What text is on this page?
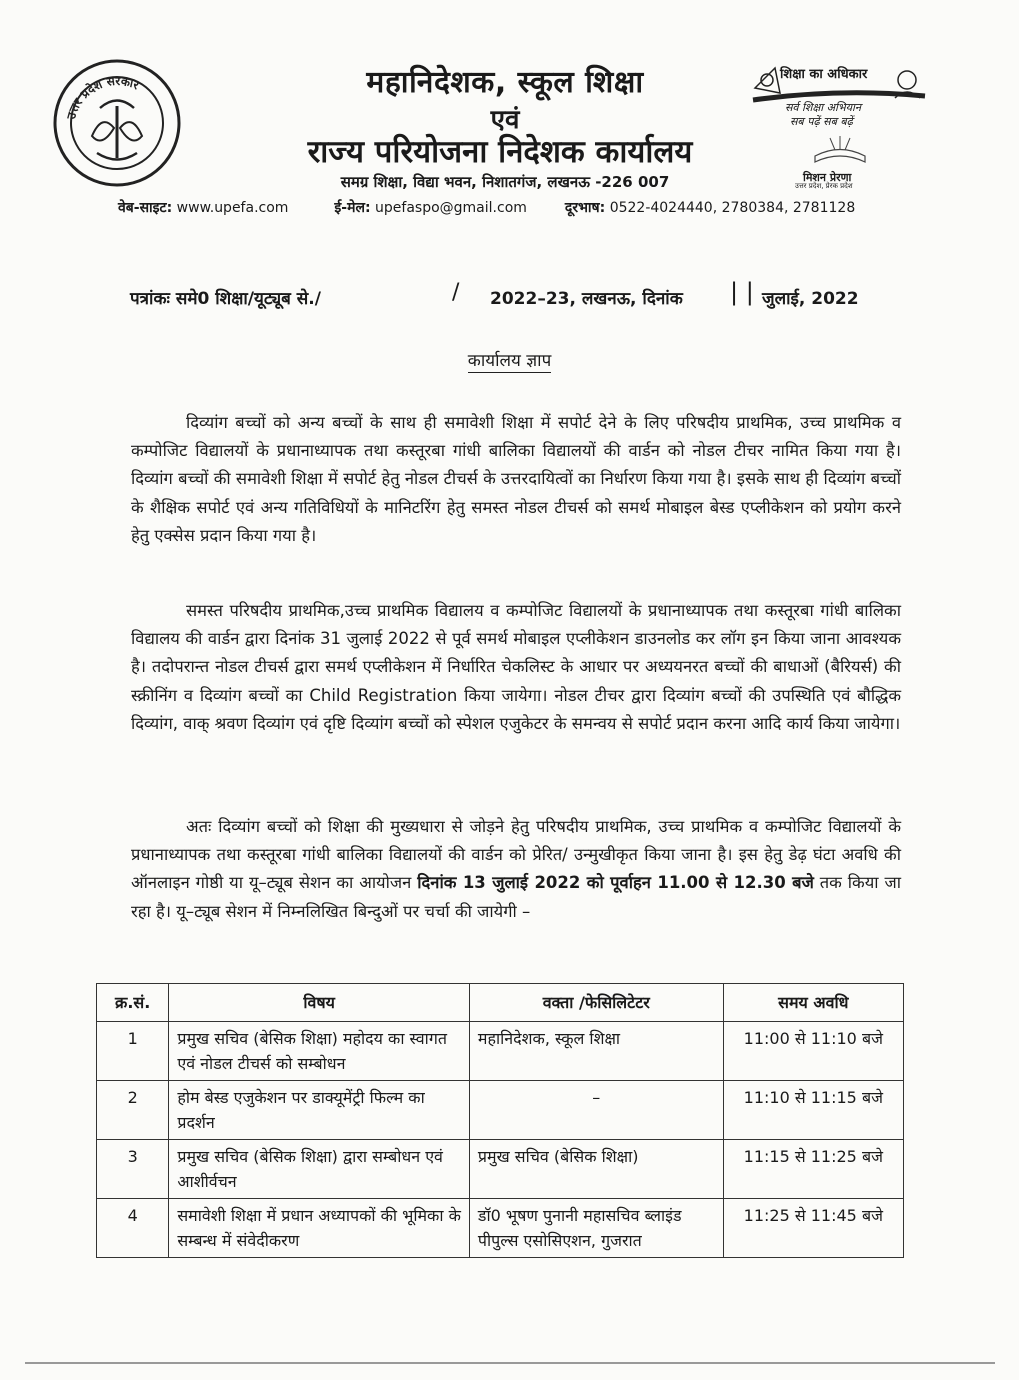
उत्तर प्रदेश सरकार	महानिदेशक, स्कूल शिक्षा
एवं
राज्य परियोजना निदेशक कार्यालय
समग्र शिक्षा, विद्या भवन, निशातगंज, लखनऊ -226 007
वेब-साइट: www.upefa.com	ई-मेल: upefaspo@gmail.com	दूरभाष: 0522-4024440, 2780384, 2781128
शिक्षा का अधिकार
सर्व शिक्षा अभियान
सब पढ़ें सब बढ़ें
मिशन प्रेरणा
उत्तर प्रदेश, प्रेरक प्रदेश
पत्रांकः समे0 शिक्षा/यूट्यूब से./	/ 2022–23, लखनऊ, दिनांक | | जुलाई, 2022
कार्यालय ज्ञाप
दिव्यांग बच्चों को अन्य बच्चों के साथ ही समावेशी शिक्षा में सपोर्ट देने के लिए परिषदीय प्राथमिक, उच्च प्राथमिक व कम्पोजिट विद्यालयों के प्रधानाध्यापक तथा कस्तूरबा गांधी बालिका विद्यालयों की वार्डन को नोडल टीचर नामित किया गया है। दिव्यांग बच्चों की समावेशी शिक्षा में सपोर्ट हेतु नोडल टीचर्स के उत्तरदायित्वों का निर्धारण किया गया है। इसके साथ ही दिव्यांग बच्चों के शैक्षिक सपोर्ट एवं अन्य गतिविधियों के मानिटरिंग हेतु समस्त नोडल टीचर्स को समर्थ मोबाइल बेस्ड एप्लीकेशन को प्रयोग करने हेतु एक्सेस प्रदान किया गया है।
समस्त परिषदीय प्राथमिक,उच्च प्राथमिक विद्यालय व कम्पोजिट विद्यालयों के प्रधानाध्यापक तथा कस्तूरबा गांधी बालिका विद्यालय की वार्डन द्वारा दिनांक 31 जुलाई 2022 से पूर्व समर्थ मोबाइल एप्लीकेशन डाउनलोड कर लॉग इन किया जाना आवश्यक है। तदोपरान्त नोडल टीचर्स द्वारा समर्थ एप्लीकेशन में निर्धारित चेकलिस्ट के आधार पर अध्ययनरत बच्चों की बाधाओं (बैरियर्स) की स्क्रीनिंग व दिव्यांग बच्चों का Child Registration किया जायेगा। नोडल टीचर द्वारा दिव्यांग बच्चों की उपस्थिति एवं बौद्धिक दिव्यांग, वाक् श्रवण दिव्यांग एवं दृष्टि दिव्यांग बच्चों को स्पेशल एजुकेटर के समन्वय से सपोर्ट प्रदान करना आदि कार्य किया जायेगा।
अतः दिव्यांग बच्चों को शिक्षा की मुख्यधारा से जोड़ने हेतु परिषदीय प्राथमिक, उच्च प्राथमिक व कम्पोजिट विद्यालयों के प्रधानाध्यापक तथा कस्तूरबा गांधी बालिका विद्यालयों की वार्डन को प्रेरित/ उन्मुखीकृत किया जाना है। इस हेतु डेढ़ घंटा अवधि की ऑनलाइन गोष्ठी या यू–ट्यूब सेशन का आयोजन दिनांक 13 जुलाई 2022 को पूर्वाहन 11.00 से 12.30 बजे तक किया जा रहा है। यू–ट्यूब सेशन में निम्नलिखित बिन्दुओं पर चर्चा की जायेगी –
क्र.सं.	विषय	वक्ता /फेसिलिटेटर	समय अवधि
1	प्रमुख सचिव (बेसिक शिक्षा) महोदय का स्वागत एवं नोडल टीचर्स को सम्बोधन	महानिदेशक, स्कूल शिक्षा	11:00 से 11:10 बजे
2	होम बेस्ड एजुकेशन पर डाक्यूमेंट्री फिल्म का प्रदर्शन	–	11:10 से 11:15 बजे
3	प्रमुख सचिव (बेसिक शिक्षा) द्वारा सम्बोधन एवं आशीर्वचन	प्रमुख सचिव (बेसिक शिक्षा)	11:15 से 11:25 बजे
4	समावेशी शिक्षा में प्रधान अध्यापकों की भूमिका के सम्बन्ध में संवेदीकरण	डॉ0 भूषण पुनानी महासचिव ब्लाइंड पीपुल्स एसोसिएशन, गुजरात	11:25 से 11:45 बजे
